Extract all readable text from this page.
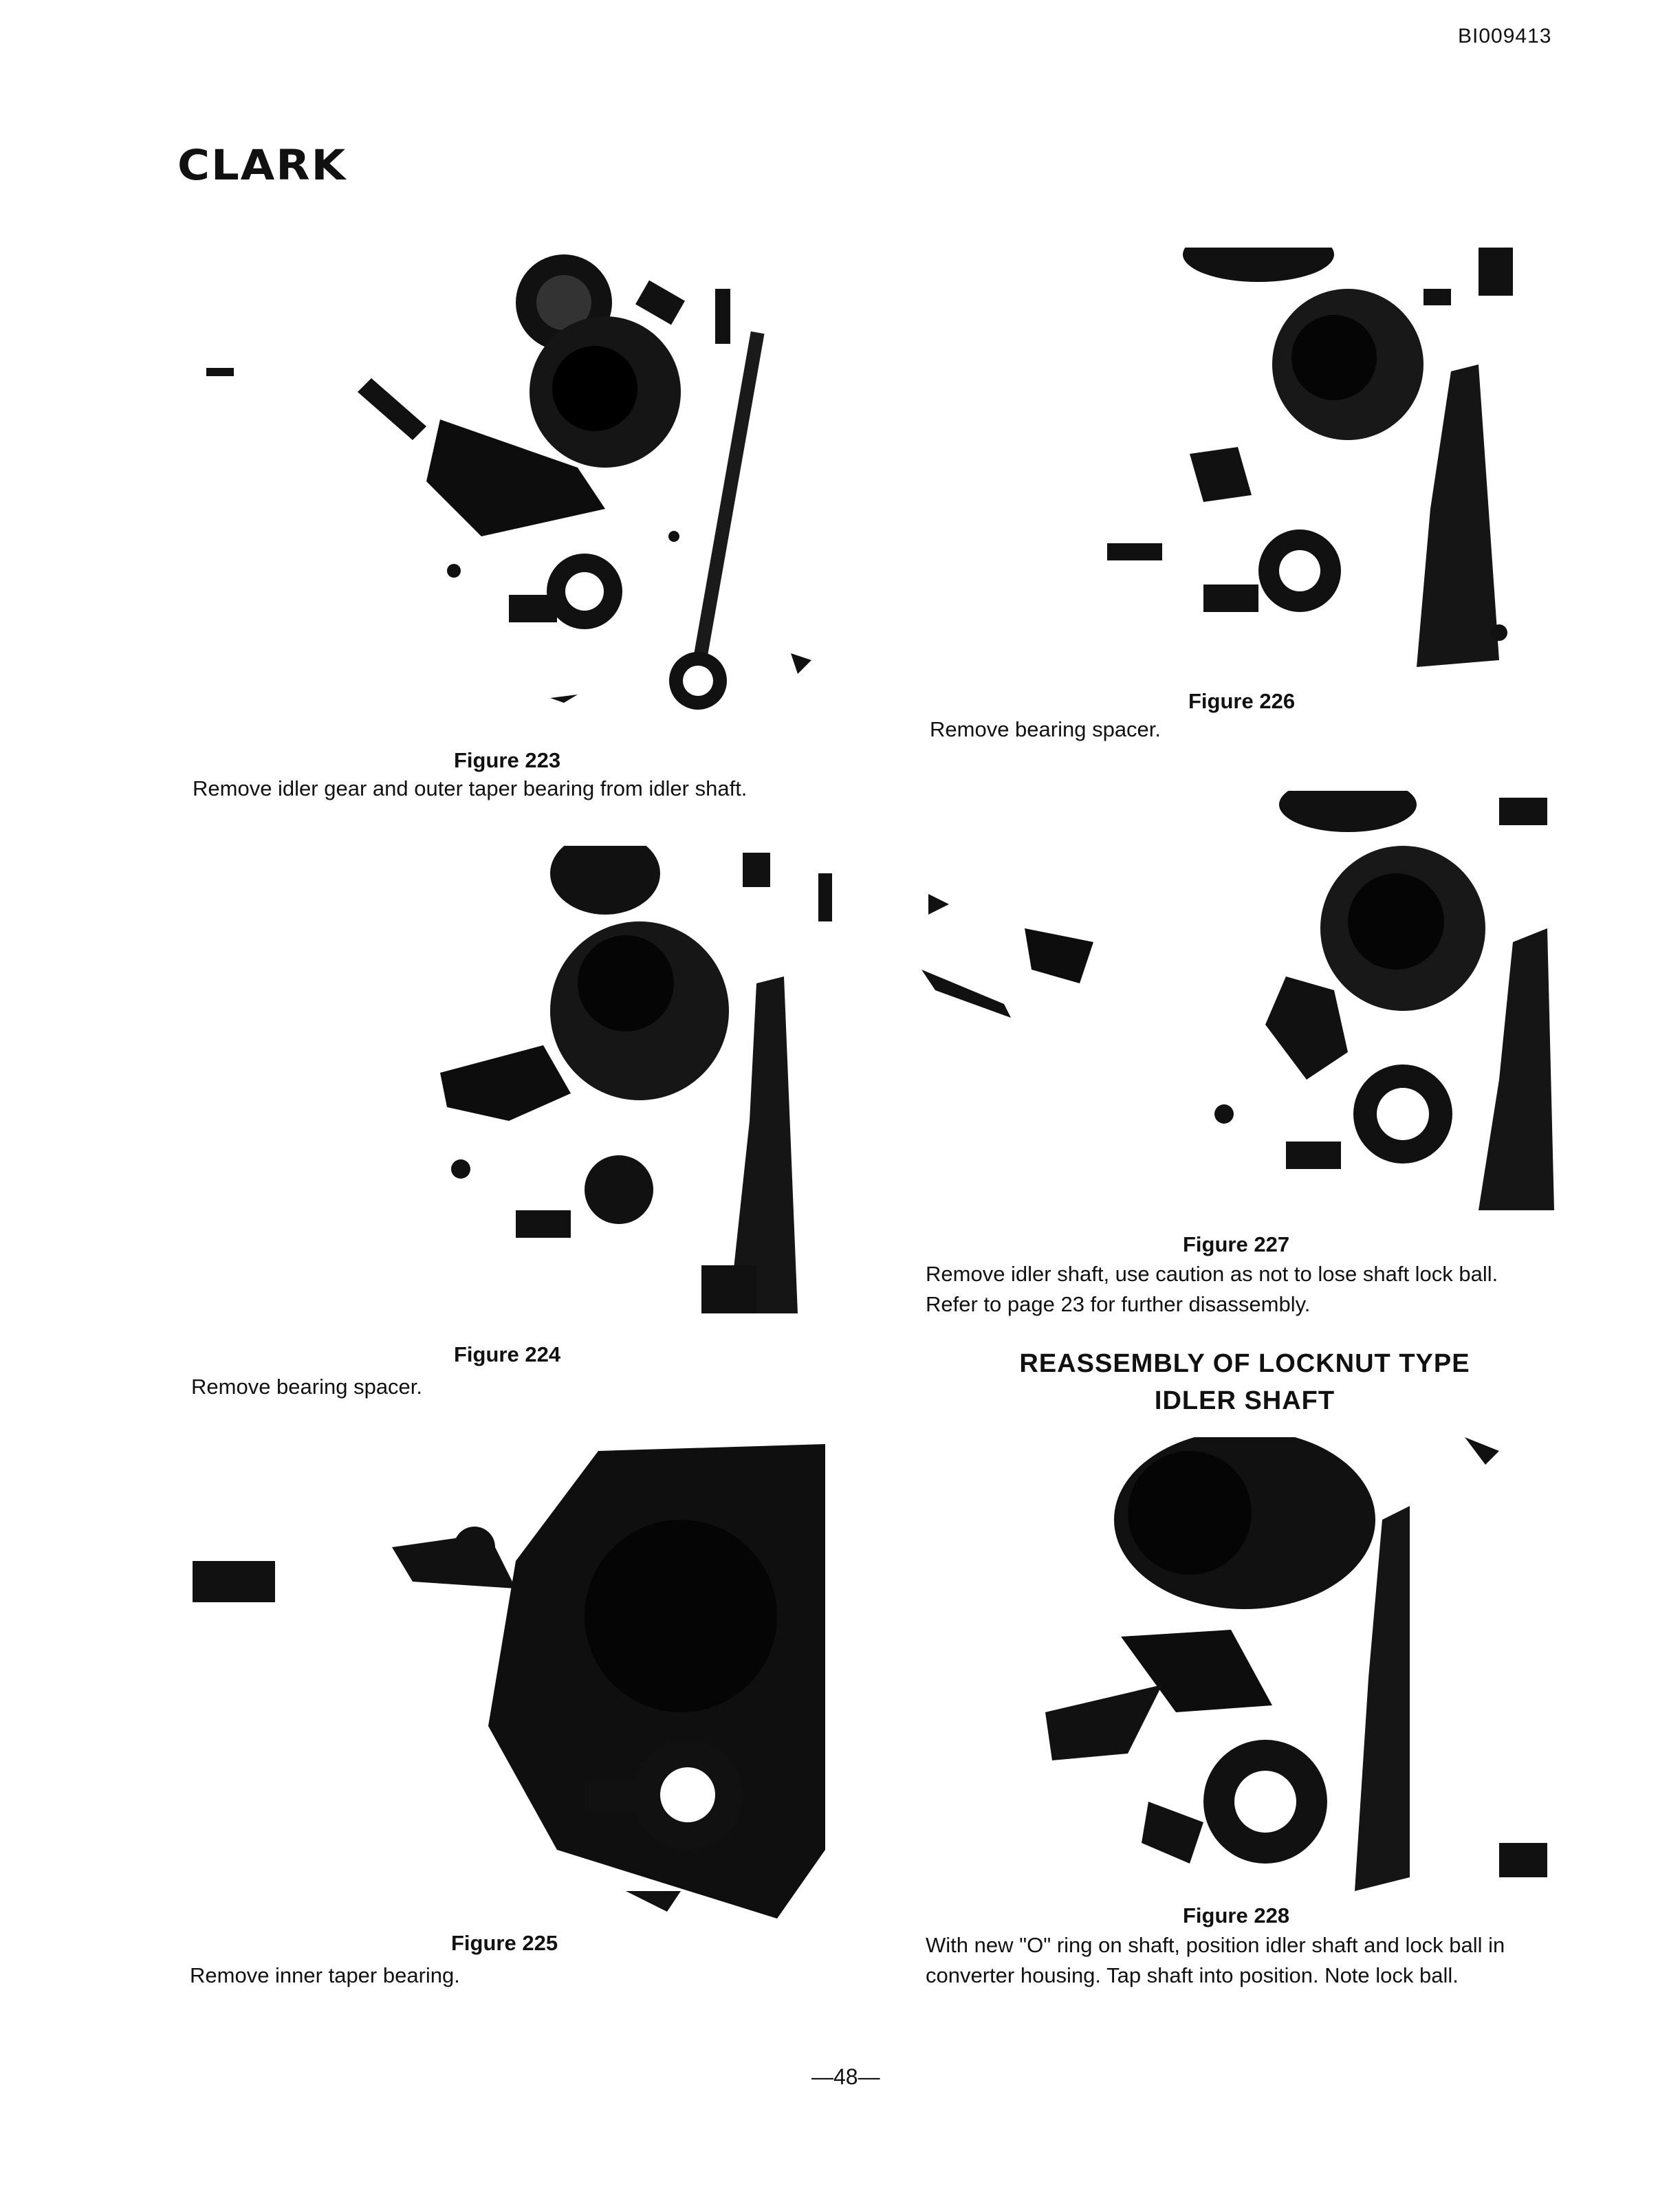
BI009413
CLARK
Figure 223
Remove idler gear and outer taper bearing from idler shaft.
Figure 226
Remove bearing spacer.
Figure 224
Remove bearing spacer.
Figure 227
Remove idler shaft, use caution as not to lose shaft lock ball.
Refer to page 23 for further disassembly.
REASSEMBLY OF LOCKNUT TYPE
IDLER SHAFT
Figure 225
Remove inner taper bearing.
Figure 228
With new "O" ring on shaft, position idler shaft and lock ball in
converter housing. Tap shaft into position. Note lock ball.
—48—
